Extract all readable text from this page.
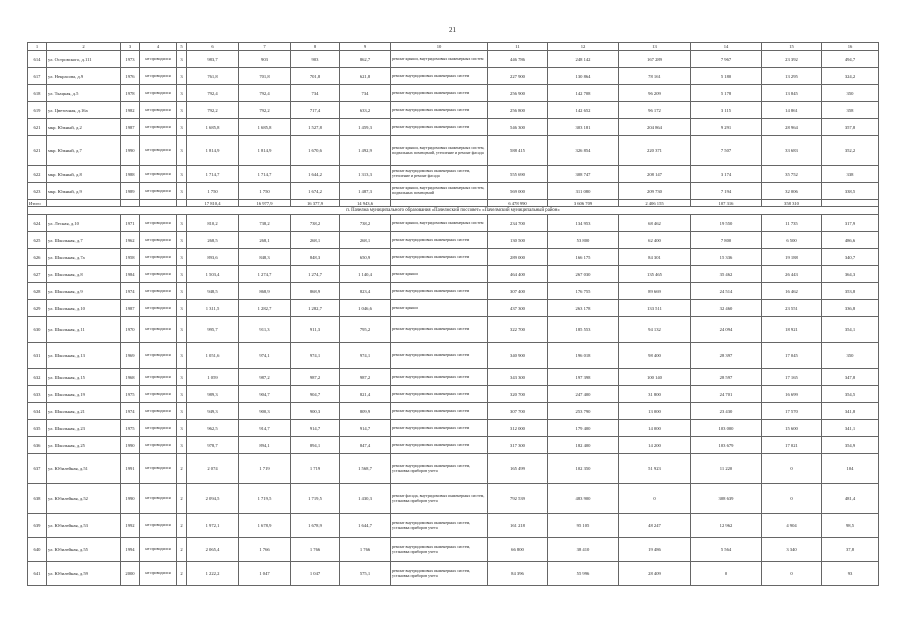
21
1	2	3	4	5	6	7	8	9	10	11	12	13	14	15	16
614	ул. Островского, д.111	1973	не проводился	3	983,7	903	903	862,7	ремонт крыши, внутридомовых инженерных систем	446 786	248 142	167 289	7 967	23 392	494,7
617	ул. Некрасова, д.9	1976	не проводился	3	761,8	701,8	701,8	621,8	ремонт внутридомовых инженерных систем	227 900	130 864	78 161	5 180	13 295	324,2
618	ул. Ткацкая, д.5	1978	не проводился	3	792,4	792,4	734	734	ремонт внутридомовых инженерных систем	256 900	142 708	96 209	5 178	13 845	350
619	ул. Цветочная, д.16а	1982	не проводился	3	792,2	792,2	717,4	633,2	ремонт внутридомовых инженерных систем	256 800	142 652	96 172	3 115	14 861	358
621	мкр. Южный, д.2	1987	не проводился	3	1 685,8	1 685,8	1 527,8	1 459,3	ремонт внутридомовых инженерных систем	546 300	303 181	204 864	9 291	28 964	357,8
621	мкр. Южный, д.7	1990	не проводился	3	1 814,9	1 814,9	1 670,6	1 492,9	ремонт крыши, внутридомовых инженерных систем, подвальных помещений, утепление и ремонт фасада	588 415	326 854	220 371	7 507	33 683	352,2
622	мкр. Южный, д.8	1988	не проводился	3	1 714,7	1 714,7	1 644,2	1 313,3	ремонт внутридомовых инженерных систем, утепление и ремонт фасада	555 690	308 747	208 147	3 174	35 752	338
623	мкр. Южный, д.9	1989	не проводился	3	1 750	1 750	1 674,2	1 487,3	ремонт крыши, внутридомовых инженерных систем, подвальных помещений	569 000	311 080	209 730	7 194	32 006	338,5
Итого					17 810,4	16 977,9	16 377,9	14 943,6		6 478 990	3 606 709	2 406 155	107 316	358 310	
п. Пачелма муниципального образования «Пачелмский поссовет» «Пачелмский муниципальный район»															
624	ул. Лесная, д.10	1971	не проводился	3	810,2	738,2	738,2	738,2	ремонт крыши, внутридомовых инженерных систем	234 700	134 953	68 462	19 550	11 735	317,9
625	ул. Школьная, д.7	1962	не проводился	3	268,5	268,1	268,1	268,1	ремонт внутридомовых инженерных систем	130 500	53 800	62 400	7 800	6 500	486,6
626	ул. Школьная, д.7а	1958	не проводился	3	893,6	848,3	848,3	650,9	ремонт внутридомовых инженерных систем	289 000	166 175	84 301	15 336	19 188	340,7
627	ул. Школьная, д.8	1984	не проводился	3	1 503,4	1 274,7	1 274,7	1 140,4	ремонт крыши	464 400	267 030	135 465	35 462	26 443	364,3
628	ул. Школьная, д.9	1974	не проводился	3	948,5	868,9	868,9	823,4	ремонт внутридомовых инженерных систем	307 400	176 755	89 669	24 514	16 462	353,8
629	ул. Школьная, д.10	1987	не проводился	3	1 311,5	1 282,7	1 282,7	1 046,6	ремонт крыши	437 300	263 178	133 511	32 460	23 551	336,8
630	ул. Школьная, д.11	1970	не проводился	3	995,7	911,3	911,3	795,2	ремонт внутридомовых инженерных систем	322 700	185 553	94 132	24 094	18 921	354,1
631	ул. Школьная, д.13	1969	не проводился	3	1 051,6	974,1	974,1	974,1	ремонт внутридомовых инженерных систем	340 900	196 018	98 400	28 397	17 045	350
632	ул. Школьная, д.15	1968	не проводился	3	1 059	987,2	987,2	987,2	ремонт внутридомовых инженерных систем	343 300	197 398	100 140	28 597	17 165	347,8
633	ул. Школьная, д.19	1975	не проводился	3	989,3	904,7	904,7	821,4	ремонт внутридомовых инженерных систем	320 700	247 400	31 800	24 701	16 699	354,5
634	ул. Школьная, д.21	1974	не проводился	3	949,3	900,3	900,3	809,9	ремонт внутридомовых инженерных систем	307 700	253 790	13 000	23 430	17 570	341,8
635	ул. Школьная, д.23	1975	не проводился	3	962,5	914,7	914,7	914,7	ремонт внутридомовых инженерных систем	312 000	179 400	14 000	103 000	15 600	341,1
636	ул. Школьная, д.25	1990	не проводился	3	978,7	894,1	894,1	847,4	ремонт внутридомовых инженерных систем	317 300	182 400	14 200	103 679	17 021	354,9
637	ул. Юбилейная, д.51	1991	не проводился	2	2 074	1 719	1 719	1 568,7	ремонт внутридомовых инженерных систем, установка приборов учета	165 499	102 350	51 923	11 220	0	104
638	ул. Юбилейная, д.52	1990	не проводился	2	2 094,5	1 719,5	1 719,5	1 430,3	ремонт фасада, внутридомовых инженерных систем, установка приборов учета	792 539	483 900	0	308 639	0	481,4
639	ул. Юбилейная, д.53	1992	не проводился	2	1 972,1	1 678,9	1 678,9	1 644,7	ремонт внутридомовых инженерных систем, установка приборов учета	161 218	95 105	48 247	12 962	4 904	98,5
640	ул. Юбилейная, д.55	1994	не проводился	2	2 065,4	1 766	1 766	1 766	ремонт внутридомовых инженерных систем, установка приборов учета	66 800	38 410	19 486	5 564	3 340	37,8
641	ул. Юбилейная, д.59	2000	не проводился	2	1 222,2	1 047	1 047	575,1	ремонт внутридомовых инженерных систем, установка приборов учета	84 396	55 996	28 409	0	0	93
